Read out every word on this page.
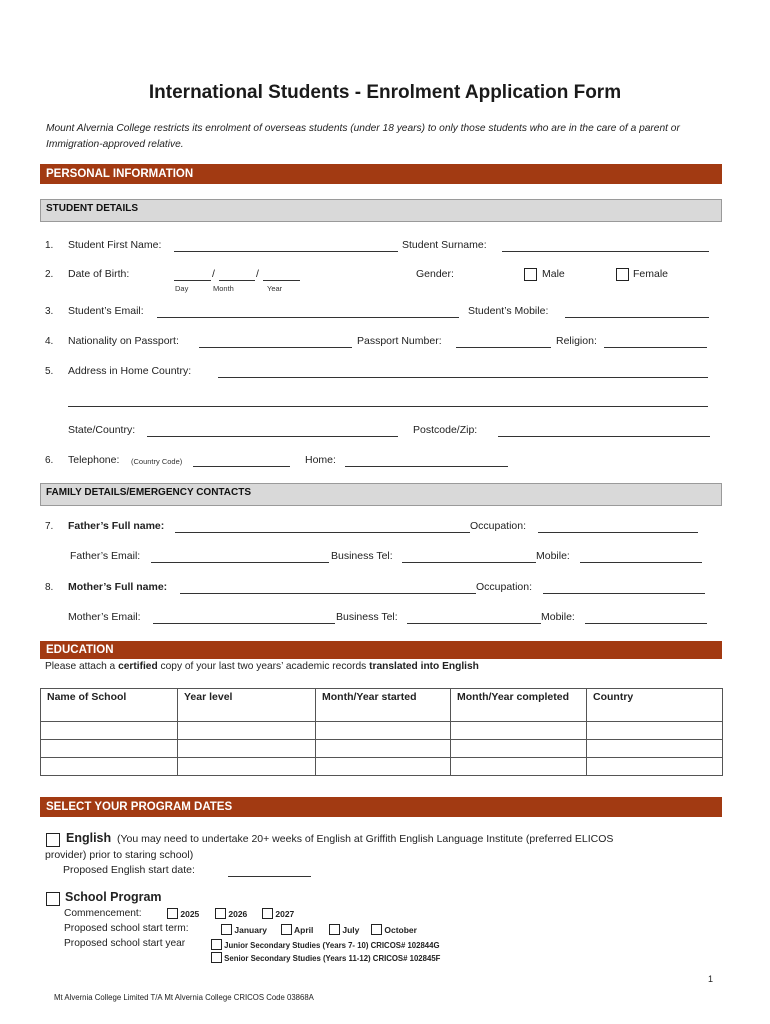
International Students - Enrolment Application Form
Mount Alvernia College restricts its enrolment of overseas students (under 18 years) to only those students who are in the care of a parent or Immigration-approved relative.
PERSONAL INFORMATION
STUDENT DETAILS
1. Student First Name:	Student Surname:
2. Date of Birth:	/	/
Day	Month	Year
Gender:	Male	Female
3. Student’s Email:	Student’s Mobile:
4. Nationality on Passport:	Passport Number:	Religion:
5. Address in Home Country:
State/Country:	Postcode/Zip:
6. Telephone: (Country Code)	Home:
FAMILY DETAILS/EMERGENCY CONTACTS
7. Father’s Full name:	Occupation:
Father’s Email:	Business Tel:	Mobile:
8. Mother’s Full name:	Occupation:
Mother’s Email:	Business Tel:	Mobile:
EDUCATION
Please attach a certified copy of your last two years’ academic records translated into English
Name of School	Year level	Month/Year started	Month/Year completed	Country

SELECT YOUR PROGRAM DATES
English (You may need to undertake 20+ weeks of English at Griffith English Language Institute (preferred ELICOS
provider) prior to staring school)
Proposed English start date:
School Program
Commencement:	2025	2026	2027
Proposed school start term:	January	April	July	October
Proposed school start year	Junior Secondary Studies (Years 7- 10) CRICOS# 102844G
Senior Secondary Studies (Years 11-12) CRICOS# 102845F
1
Mt Alvernia College Limited T/A Mt Alvernia College CRICOS Code 03868A
